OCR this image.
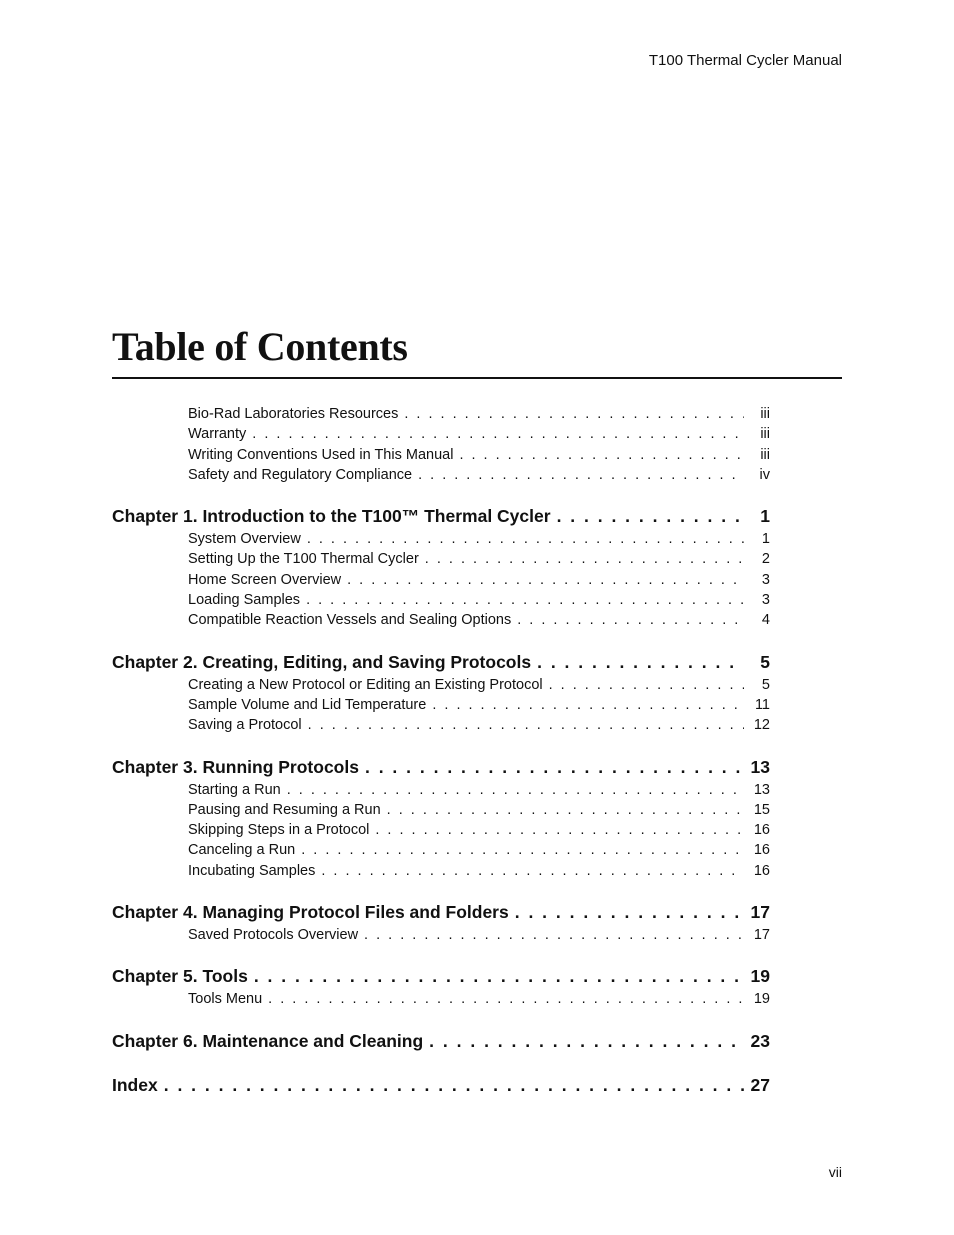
T100 Thermal Cycler Manual
Table of Contents
Bio-Rad Laboratories Resources . . .	iii
Warranty . . .	iii
Writing Conventions Used in This Manual . . .	iii
Safety and Regulatory Compliance . . .	iv
Chapter 1. Introduction to the T100™ Thermal Cycler . . .	1
System Overview . . .	1
Setting Up the T100 Thermal Cycler . . .	2
Home Screen Overview . . .	3
Loading Samples . . .	3
Compatible Reaction Vessels and Sealing Options . . .	4
Chapter 2. Creating, Editing, and Saving Protocols . . .	5
Creating a New Protocol or Editing an Existing Protocol . . .	5
Sample Volume and Lid Temperature . . .	11
Saving a Protocol . . .	12
Chapter 3. Running Protocols . . .	13
Starting a Run . . .	13
Pausing and Resuming a Run . . .	15
Skipping Steps in a Protocol . . .	16
Canceling a Run . . .	16
Incubating Samples . . .	16
Chapter 4. Managing Protocol Files and Folders . . .	17
Saved Protocols Overview . . .	17
Chapter 5. Tools . . .	19
Tools Menu . . .	19
Chapter 6. Maintenance and Cleaning . . .	23
Index . . .	27
vii
